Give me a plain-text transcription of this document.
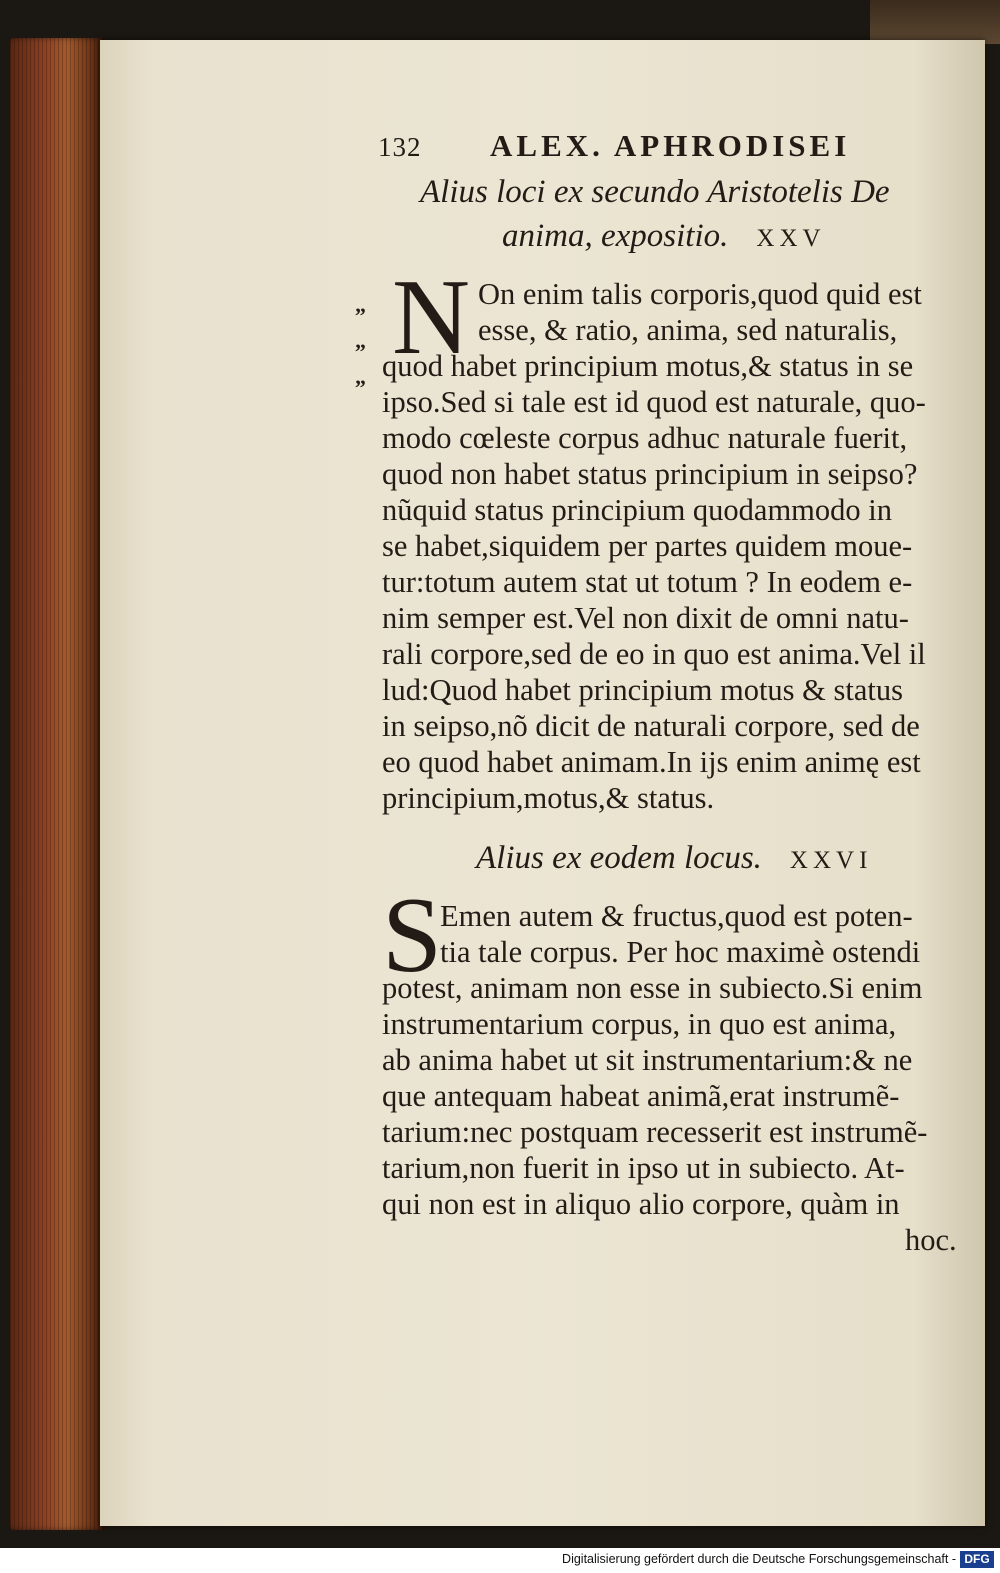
132 ALEX. APHRODISEI
Alius loci ex secundo Aristotelis De
anima, expositio. XXV
„
„
„ N On enim talis corporis,quod quid est
esse, & ratio, anima, sed naturalis,
quod habet principium motus,& status in se
ipso.Sed si tale est id quod est naturale, quo-
modo cœleste corpus adhuc naturale fuerit,
quod non habet status principium in seipso?
nũquid status principium quodammodo in
se habet,siquidem per partes quidem moue-
tur:totum autem stat ut totum ? In eodem e-
nim semper est.Vel non dixit de omni natu-
rali corpore,sed de eo in quo est anima.Vel il
lud:Quod habet principium motus & status
in seipso,nõ dicit de naturali corpore, sed de
eo quod habet animam.In ijs enim animę est
principium,motus,& status.
Alius ex eodem locus. XXVI
S
Emen autem & fructus,quod est poten-
tia tale corpus. Per hoc maximè ostendi
potest, animam non esse in subiecto.Si enim
instrumentarium corpus, in quo est anima,
ab anima habet ut sit instrumentarium:& ne
que antequam habeat animã,erat instrumẽ-
tarium:nec postquam recesserit est instrumẽ-
tarium,non fuerit in ipso ut in subiecto. At-
qui non est in aliquo alio corpore, quàm in
hoc.
Digitalisierung gefördert durch die Deutsche Forschungsgemeinschaft - DFG
